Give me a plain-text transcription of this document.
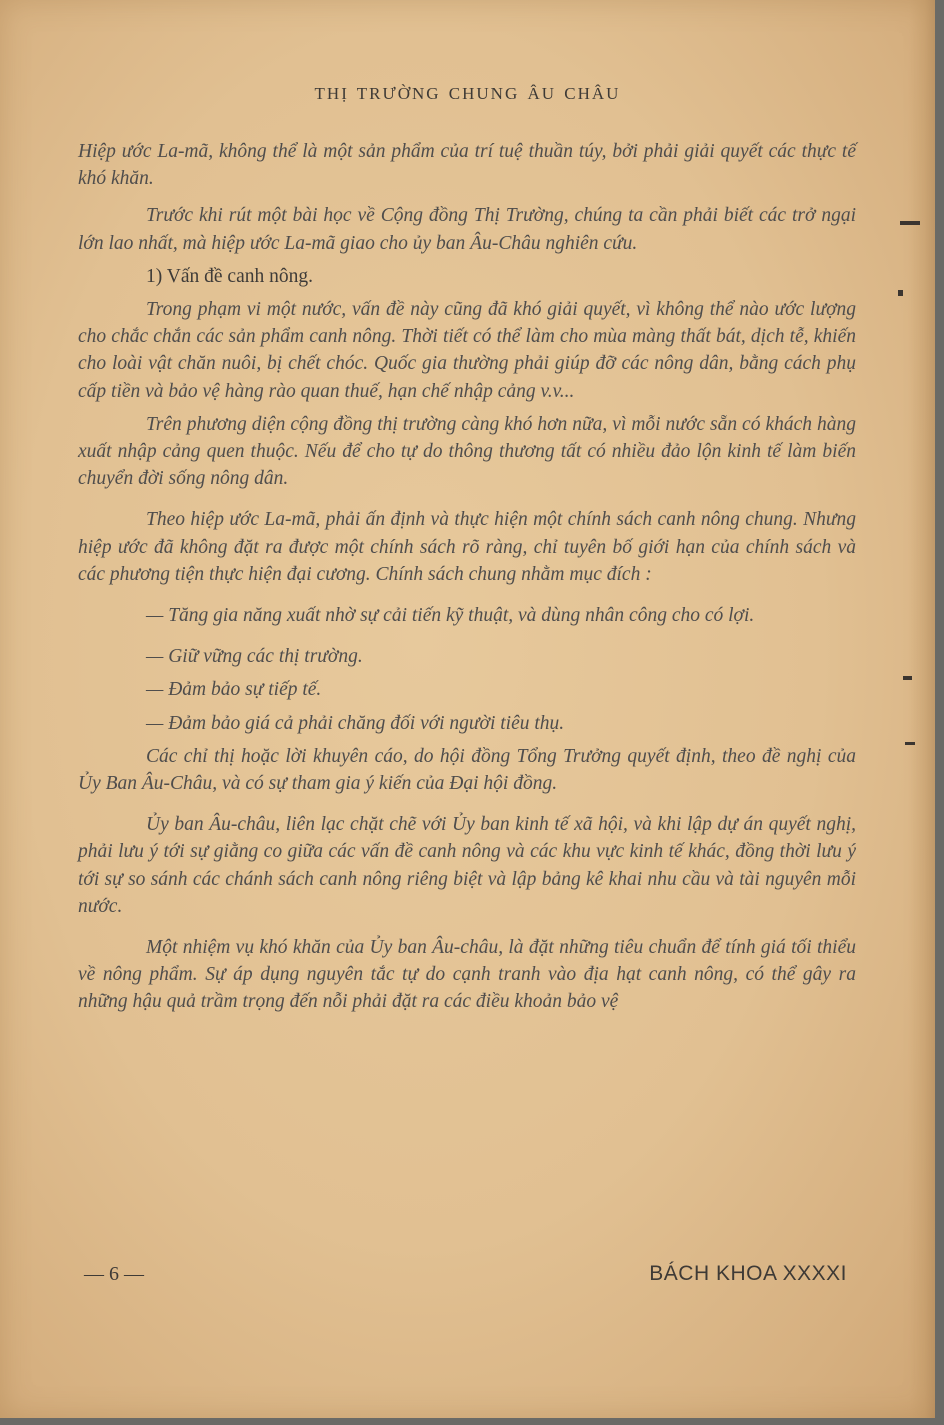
THỊ TRƯỜNG CHUNG ÂU CHÂU

Hiệp ước La-mã, không thể là một sản phẩm của trí tuệ thuần túy, bởi phải giải quyết các thực tế khó khăn.

Trước khi rút một bài học về Cộng đồng Thị Trường, chúng ta cần phải biết các trở ngại lớn lao nhất, mà hiệp ước La-mã giao cho ủy ban Âu-Châu nghiên cứu.

1) Vấn đề canh nông.

Trong phạm vi một nước, vấn đề này cũng đã khó giải quyết, vì không thể nào ước lượng cho chắc chắn các sản phẩm canh nông. Thời tiết có thể làm cho mùa màng thất bát, dịch tễ, khiến cho loài vật chăn nuôi, bị chết chóc. Quốc gia thường phải giúp đỡ các nông dân, bằng cách phụ cấp tiền và bảo vệ hàng rào quan thuế, hạn chế nhập cảng v.v...

Trên phương diện cộng đồng thị trường càng khó hơn nữa, vì mỗi nước sẵn có khách hàng xuất nhập cảng quen thuộc. Nếu để cho tự do thông thương tất có nhiều đảo lộn kinh tế làm biến chuyển đời sống nông dân.

Theo hiệp ước La-mã, phải ấn định và thực hiện một chính sách canh nông chung. Nhưng hiệp ước đã không đặt ra được một chính sách rõ ràng, chỉ tuyên bố giới hạn của chính sách và các phương tiện thực hiện đại cương. Chính sách chung nhằm mục đích :

— Tăng gia năng xuất nhờ sự cải tiến kỹ thuật, và dùng nhân công cho có lợi.

— Giữ vững các thị trường.

— Đảm bảo sự tiếp tế.

— Đảm bảo giá cả phải chăng đối với người tiêu thụ.

Các chỉ thị hoặc lời khuyên cáo, do hội đồng Tổng Trưởng quyết định, theo đề nghị của Ủy Ban Âu-Châu, và có sự tham gia ý kiến của Đại hội đồng.

Ủy ban Âu-châu, liên lạc chặt chẽ với Ủy ban kinh tế xã hội, và khi lập dự án quyết nghị, phải lưu ý tới sự giằng co giữa các vấn đề canh nông và các khu vực kinh tế khác, đồng thời lưu ý tới sự so sánh các chánh sách canh nông riêng biệt và lập bảng kê khai nhu cầu và tài nguyên mỗi nước.

Một nhiệm vụ khó khăn của Ủy ban Âu-châu, là đặt những tiêu chuẩn để tính giá tối thiểu về nông phẩm. Sự áp dụng nguyên tắc tự do cạnh tranh vào địa hạt canh nông, có thể gây ra những hậu quả trầm trọng đến nỗi phải đặt ra các điều khoản bảo vệ

— 6 —	BÁCH KHOA XXXXI
